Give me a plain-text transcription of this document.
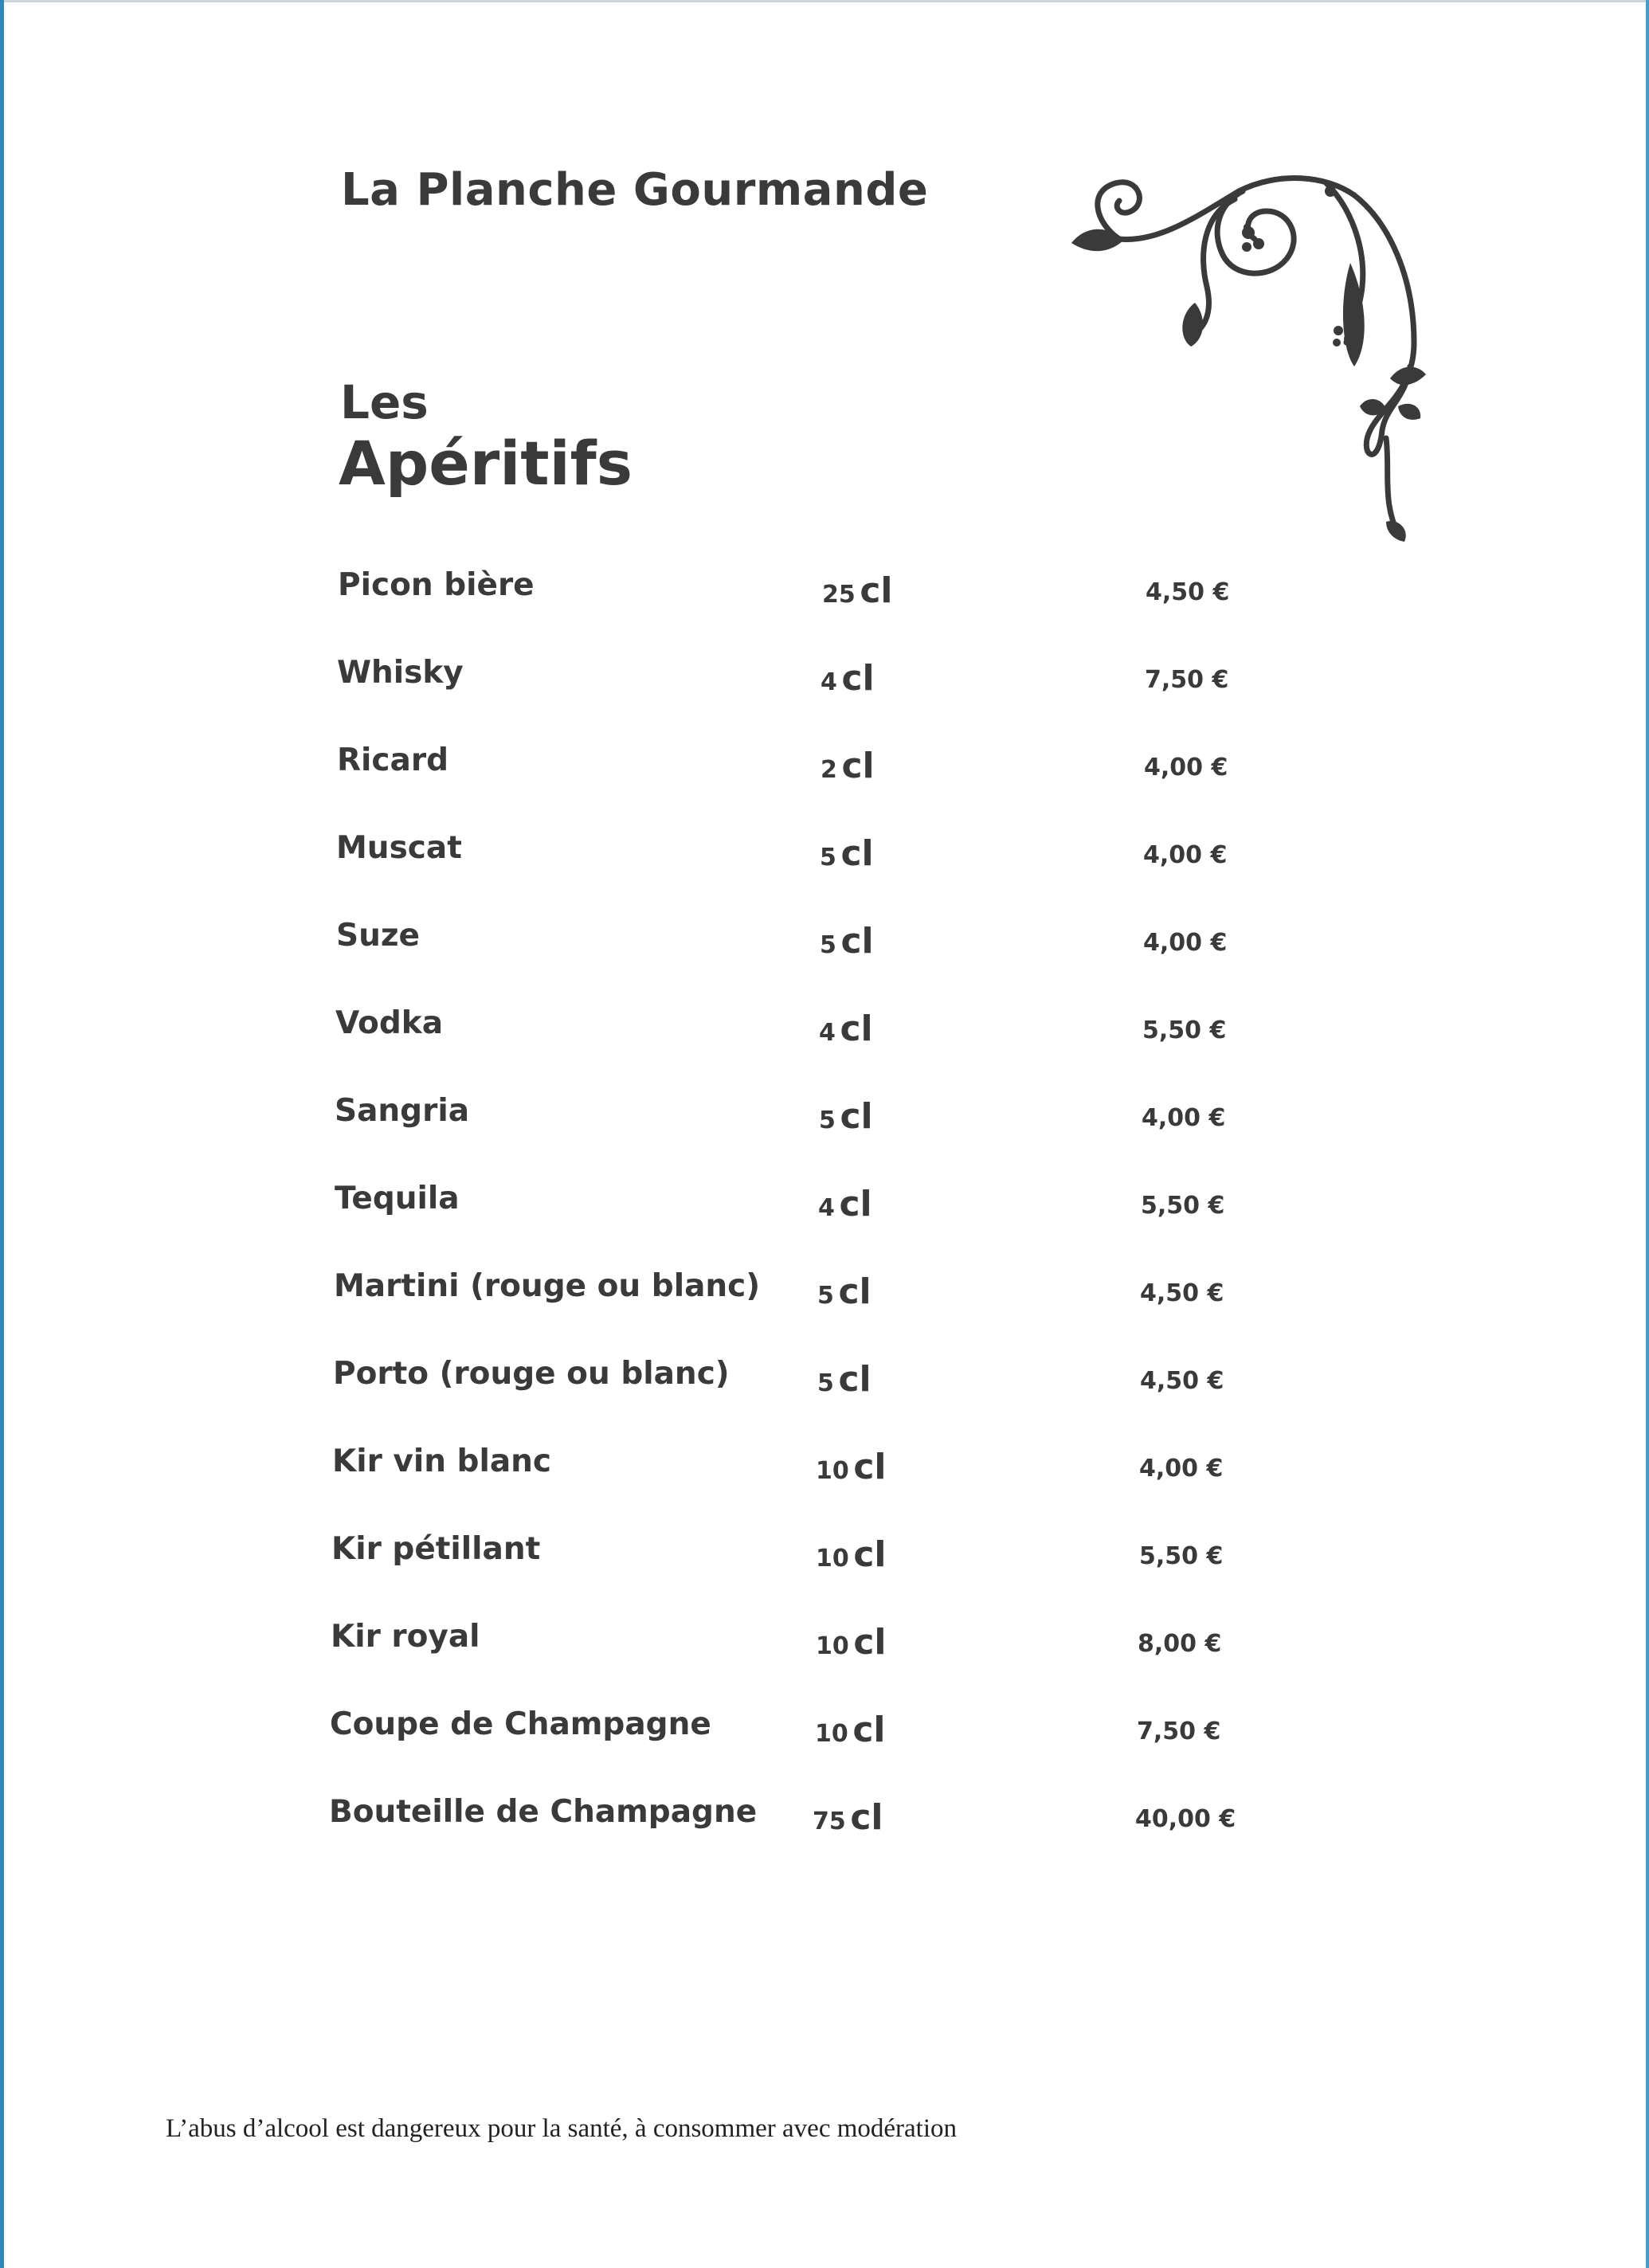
La Planche Gourmande
Les
Apéritifs
Picon bière	25 cl	4,50 €
Whisky	4 cl	7,50 €
Ricard	2 cl	4,00 €
Muscat	5 cl	4,00 €
Suze	5 cl	4,00 €
Vodka	4 cl	5,50 €
Sangria	5 cl	4,00 €
Tequila	4 cl	5,50 €
Martini (rouge ou blanc) 5 cl	4,50 €
Porto (rouge ou blanc)	5 cl	4,50 €
Kir vin blanc	10 cl	4,00 €
Kir pétillant	10 cl	5,50 €
Kir royal	10 cl	8,00 €
Coupe de Champagne	10 cl	7,50 €
Bouteille de Champagne 75 cl	40,00 €
L’abus d’alcool est dangereux pour la santé, à consommer avec modération
